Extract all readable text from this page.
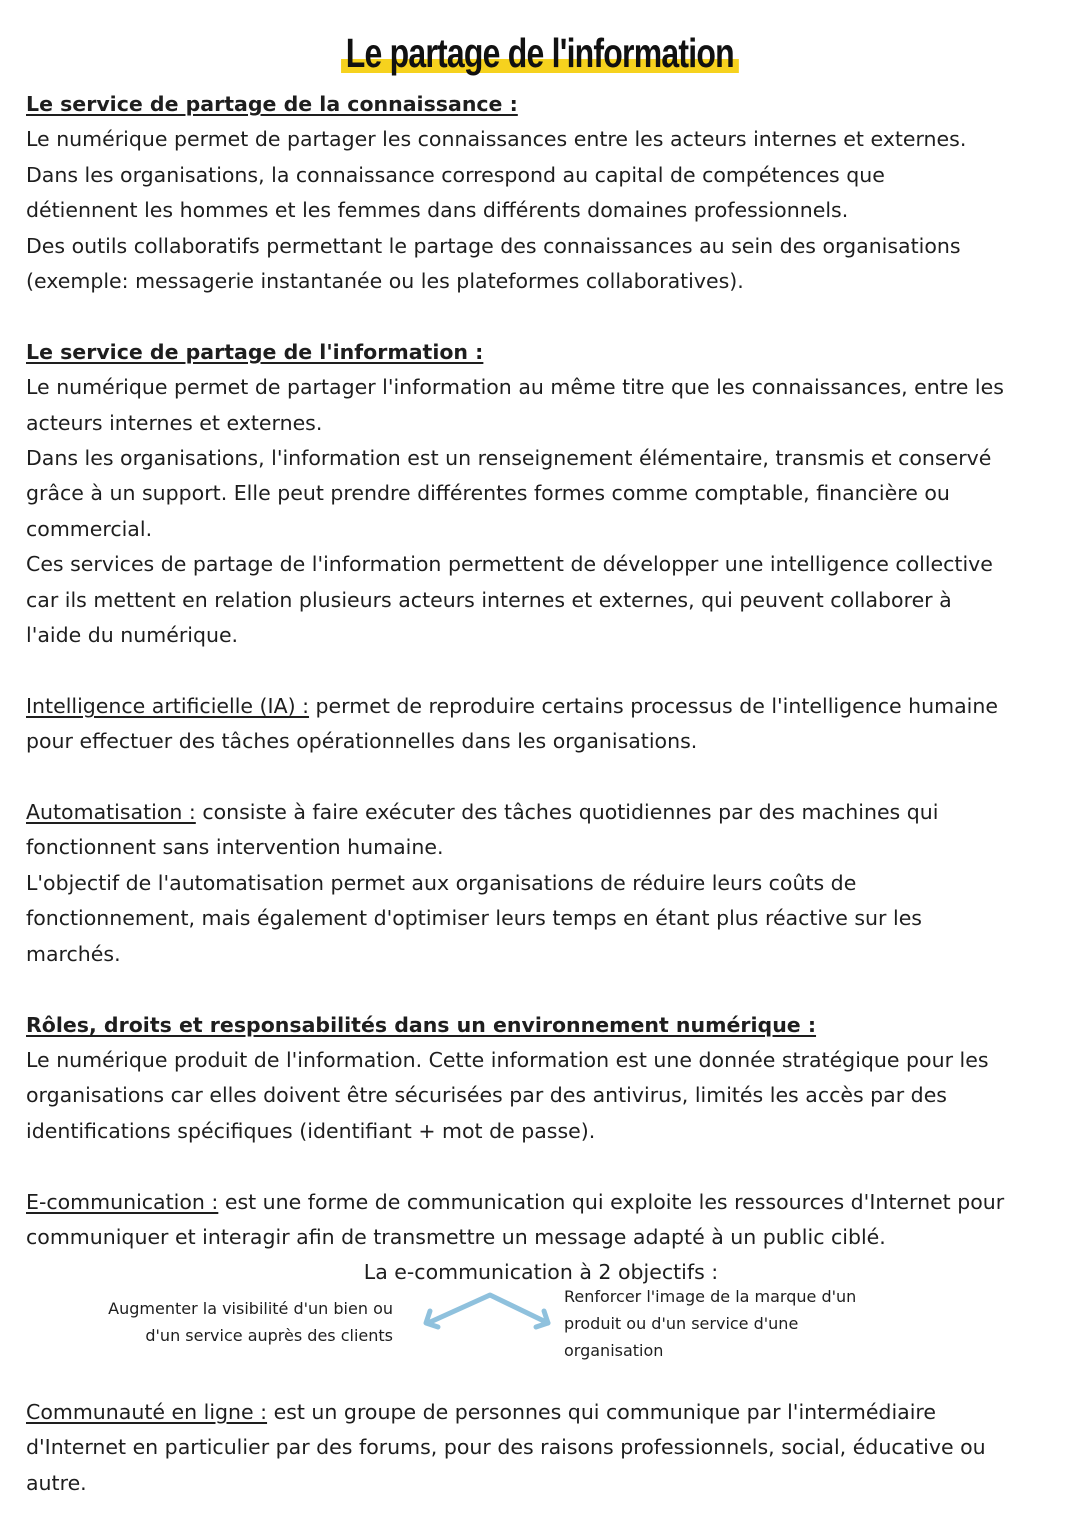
Le partage de l'information

Le service de partage de la connaissance :

Le numérique permet de partager les connaissances entre les acteurs internes et externes.

Dans les organisations, la connaissance correspond au capital de compétences que

détiennent les hommes et les femmes dans différents domaines professionnels.

Des outils collaboratifs permettant le partage des connaissances au sein des organisations

(exemple: messagerie instantanée ou les plateformes collaboratives).

Le service de partage de l'information :

Le numérique permet de partager l'information au même titre que les connaissances, entre les

acteurs internes et externes.

Dans les organisations, l'information est un renseignement élémentaire, transmis et conservé

grâce à un support. Elle peut prendre différentes formes comme comptable, financière ou

commercial.

Ces services de partage de l'information permettent de développer une intelligence collective

car ils mettent en relation plusieurs acteurs internes et externes, qui peuvent collaborer à

l'aide du numérique.

Intelligence artificielle (IA) : permet de reproduire certains processus de l'intelligence humaine

pour effectuer des tâches opérationnelles dans les organisations.

Automatisation : consiste à faire exécuter des tâches quotidiennes par des machines qui

fonctionnent sans intervention humaine.

L'objectif de l'automatisation permet aux organisations de réduire leurs coûts de

fonctionnement, mais également d'optimiser leurs temps en étant plus réactive sur les

marchés.

Rôles, droits et responsabilités dans un environnement numérique :

Le numérique produit de l'information. Cette information est une donnée stratégique pour les

organisations car elles doivent être sécurisées par des antivirus, limités les accès par des

identifications spécifiques (identifiant + mot de passe).

E-communication : est une forme de communication qui exploite les ressources d'Internet pour

communiquer et interagir afin de transmettre un message adapté à un public ciblé.

La e-communication à 2 objectifs :

Augmenter la visibilité d'un bien ou
d'un service auprès des clients
Renforcer l'image de la marque d'un
produit ou d'un service d'une
organisation

Communauté en ligne : est un groupe de personnes qui communique par l'intermédiaire

d'Internet en particulier par des forums, pour des raisons professionnels, social, éducative ou

autre.
